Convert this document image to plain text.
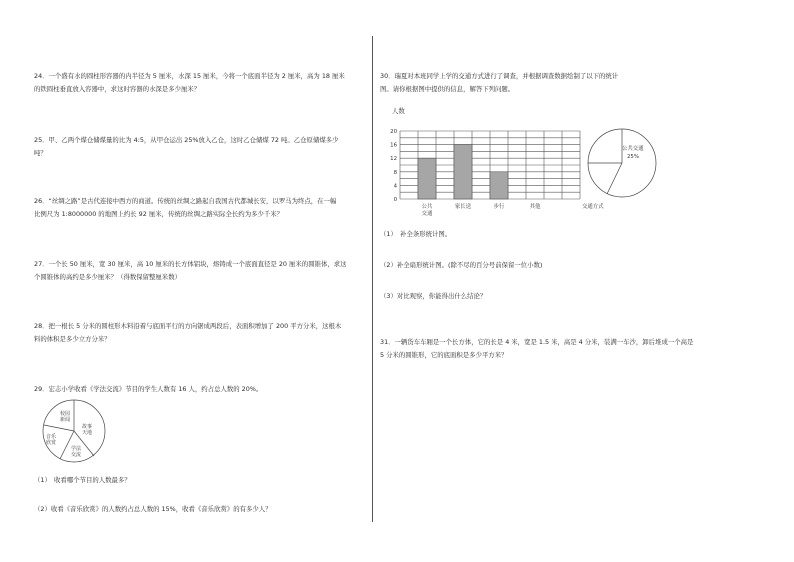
24．一个盛有水的圆柱形容器的内半径为 5 厘米，水深 15 厘米，今将一个底面半径为 2 厘米，高为 18 厘米
的铁圆柱垂直放入容器中，求这时容器的水深是多少厘米？
25．甲、乙两个煤仓储煤量的比为 4:5，从甲仓运出 25%放入乙仓，这时乙仓储煤 72 吨。乙仓原储煤多少
吨？
26．“丝绸之路”是古代连接中西方的商道。传统的丝绸之路起自我国古代都城长安，以罗马为终点，在一幅
比例尺为 1:8000000 的地图上约长 92 厘米，传统的丝绸之路实际全长约为多少千米？
27．一个长 50 厘米，宽 30 厘米，高 10 厘米的长方体铝块，熔铸成一个底面直径是 20 厘米的圆锥体，求这
个圆锥体的高约是多少厘米？（得数保留整厘米数）
28．把一根长 5 分米的圆柱形木料沿着与底面平行的方向锯成两段后，表面积增加了 200 平方分米，这根木
料的体积是多少立方分米？
29．宏志小学收看《学法交流》节目的学生人数有 16 人，约占总人数的 20%。
校园新闻
故事天地
音乐欣赏
学法交流
（1）　收看哪个节目的人数最多？
（2）收看《音乐欣赏》的人数约占总人数的 15%，收看《音乐欣赏》的有多少人？
30．瑞夏对本班同学上学的交通方式进行了调查，并根据调查数据绘制了以下的统计
图。请你根据图中提供的信息，解答下列问题。
人数
0
4
8
12
16
20
公共交通
家长送	步行	其他	交通方式
公共交通
25%
（1）　补全条形统计图。
（2）补全扇形统计图。(除不尽的百分号前保留一位小数)
（3）对比观察，你能得出什么结论？
31．一辆货车车厢是一个长方体，它的长是 4 米，宽是 1.5 米，高是 4 分米，装满一车沙，卸后堆成一个高是
5 分米的圆锥形，它的底面积是多少平方米？
